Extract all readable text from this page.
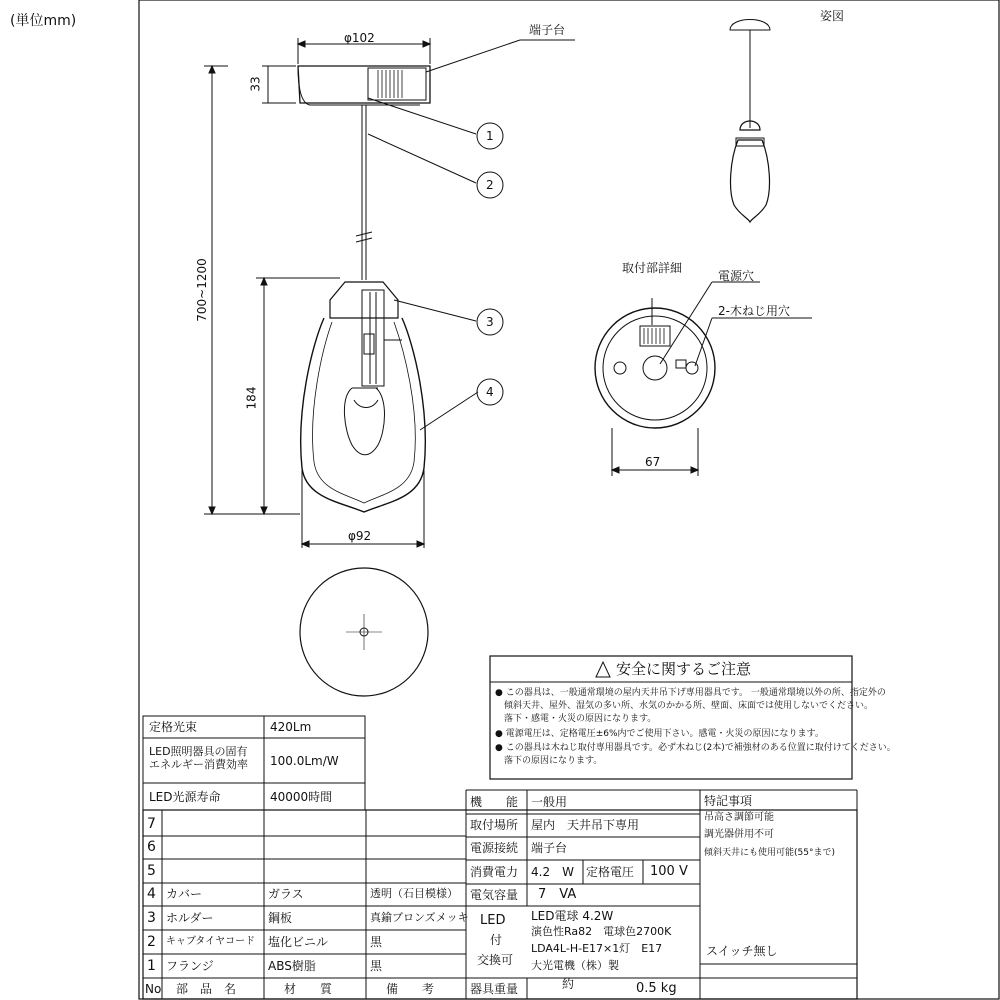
(単位mm)
φ102
33
700~1200
184
φ92
端子台
1
2
3
4
姿図
取付部詳細
電源穴
2-木ねじ用穴
67
安全に関するご注意
● この器具は、一般通常環境の屋内天井吊下げ専用器具です。 一般通常環境以外の所、指定外の
　傾斜天井、屋外、湿気の多い所、水気のかかる所、壁面、床面では使用しないでください。
　落下・感電・火災の原因になります。
● 電源電圧は、定格電圧±6%内でご使用下さい。感電・火災の原因になります。
● この器具は木ねじ取付専用器具です。必ず木ねじ(2本)で補強材のある位置に取付けてください。
　落下の原因になります。
定格光束	420Lm
LED照明器具の固有
エネルギー消費効率 100.0Lm/W
LED光源寿命	40000時間
7
6
5
4 カバー	ガラス	透明（石目模様）
3 ホルダー	鋼板	真鍮ブロンズメッキ
2 キャブタイヤコード 塩化ビニル	黒
1 フランジ	ABS樹脂	黒
No 部　品　名	材　　質	備　　考
機　　能 一般用
取付場所 屋内　天井吊下専用
電源接続 端子台
消費電力 4.2　W 定格電圧 100 V
電気容量 7　VA
LED
付
交換可
LED電球 4.2W
演色性Ra82　電球色2700K
LDA4L-H-E17×1灯　E17
大光電機（株）製
器具重量	約	0.5 kg
特記事項
吊高さ調節可能
調光器併用不可
傾斜天井にも使用可能(55°まで)
スイッチ無し
